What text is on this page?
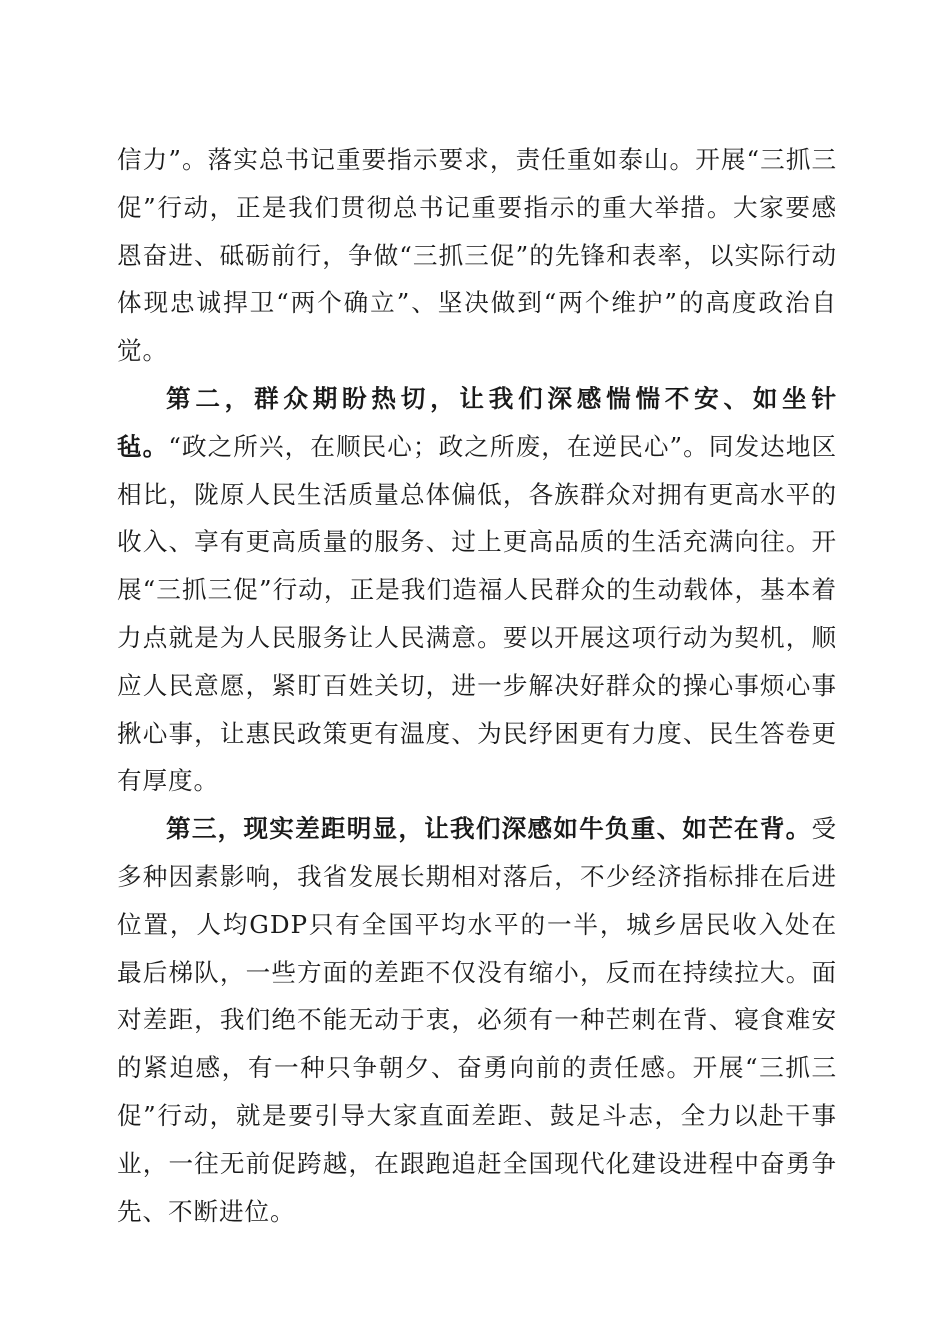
信力”。落实总书记重要指示要求，责任重如泰山。开展“三抓三促”行动，正是我们贯彻总书记重要指示的重大举措。大家要感恩奋进、砥砺前行，争做“三抓三促”的先锋和表率，以实际行动体现忠诚捍卫“两个确立”、坚决做到“两个维护”的高度政治自觉。

第二，群众期盼热切，让我们深感惴惴不安、如坐针毡。“政之所兴，在顺民心；政之所废，在逆民心”。同发达地区相比，陇原人民生活质量总体偏低，各族群众对拥有更高水平的收入、享有更高质量的服务、过上更高品质的生活充满向往。开展“三抓三促”行动，正是我们造福人民群众的生动载体，基本着力点就是为人民服务让人民满意。要以开展这项行动为契机，顺应人民意愿，紧盯百姓关切，进一步解决好群众的操心事烦心事揪心事，让惠民政策更有温度、为民纾困更有力度、民生答卷更有厚度。

第三，现实差距明显，让我们深感如牛负重、如芒在背。受多种因素影响，我省发展长期相对落后，不少经济指标排在后进位置，人均GDP只有全国平均水平的一半，城乡居民收入处在最后梯队，一些方面的差距不仅没有缩小，反而在持续拉大。面对差距，我们绝不能无动于衷，必须有一种芒刺在背、寝食难安的紧迫感，有一种只争朝夕、奋勇向前的责任感。开展“三抓三促”行动，就是要引导大家直面差距、鼓足斗志，全力以赴干事业，一往无前促跨越，在跟跑追赶全国现代化建设进程中奋勇争先、不断进位。
